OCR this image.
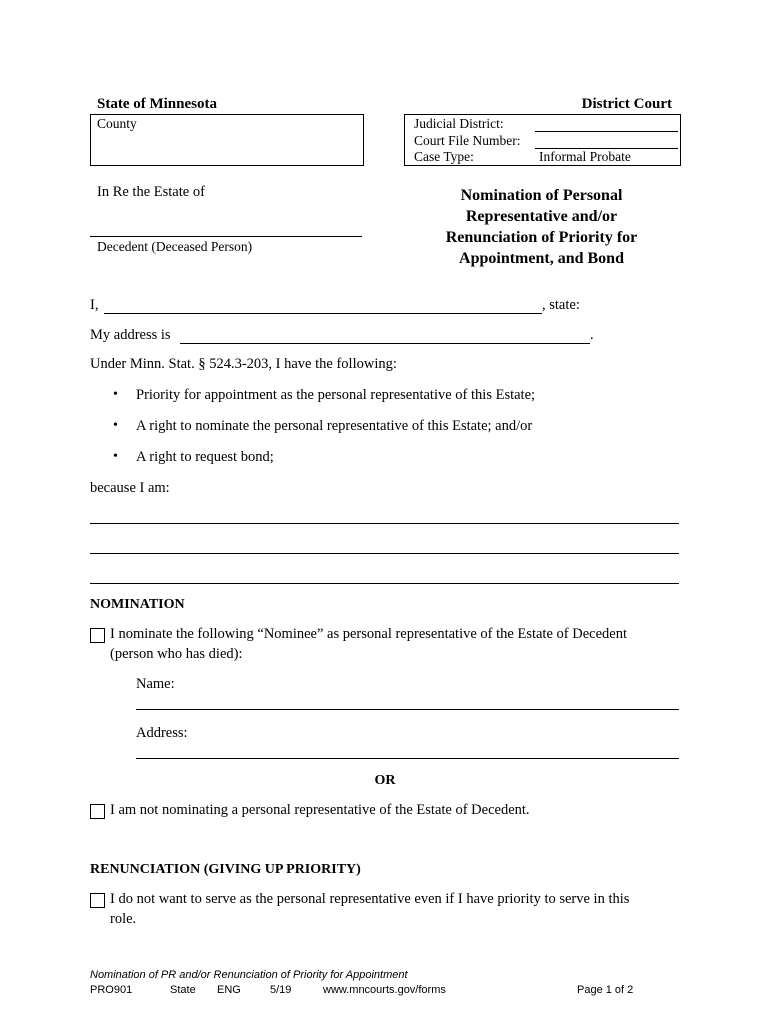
State of Minnesota	District Court
County	Judicial District:
Court File Number:
Case Type:	Informal Probate
In Re the Estate of
Decedent (Deceased Person)
Nomination of Personal
Representative and/or
Renunciation of Priority for
Appointment, and Bond
I,	, state:
My address is	.
Under Minn. Stat. § 524.3-203, I have the following:
• Priority for appointment as the personal representative of this Estate;
• A right to nominate the personal representative of this Estate; and/or
• A right to request bond;
because I am:
NOMINATION
I nominate the following “Nominee” as personal representative of the Estate of Decedent
(person who has died):
Name:
Address:
OR
I am not nominating a personal representative of the Estate of Decedent.
RENUNCIATION (GIVING UP PRIORITY)
I do not want to serve as the personal representative even if I have priority to serve in this
role.
Nomination of PR and/or Renunciation of Priority for Appointment
PRO901	State ENG	5/19	www.mncourts.gov/forms	Page 1 of 2
